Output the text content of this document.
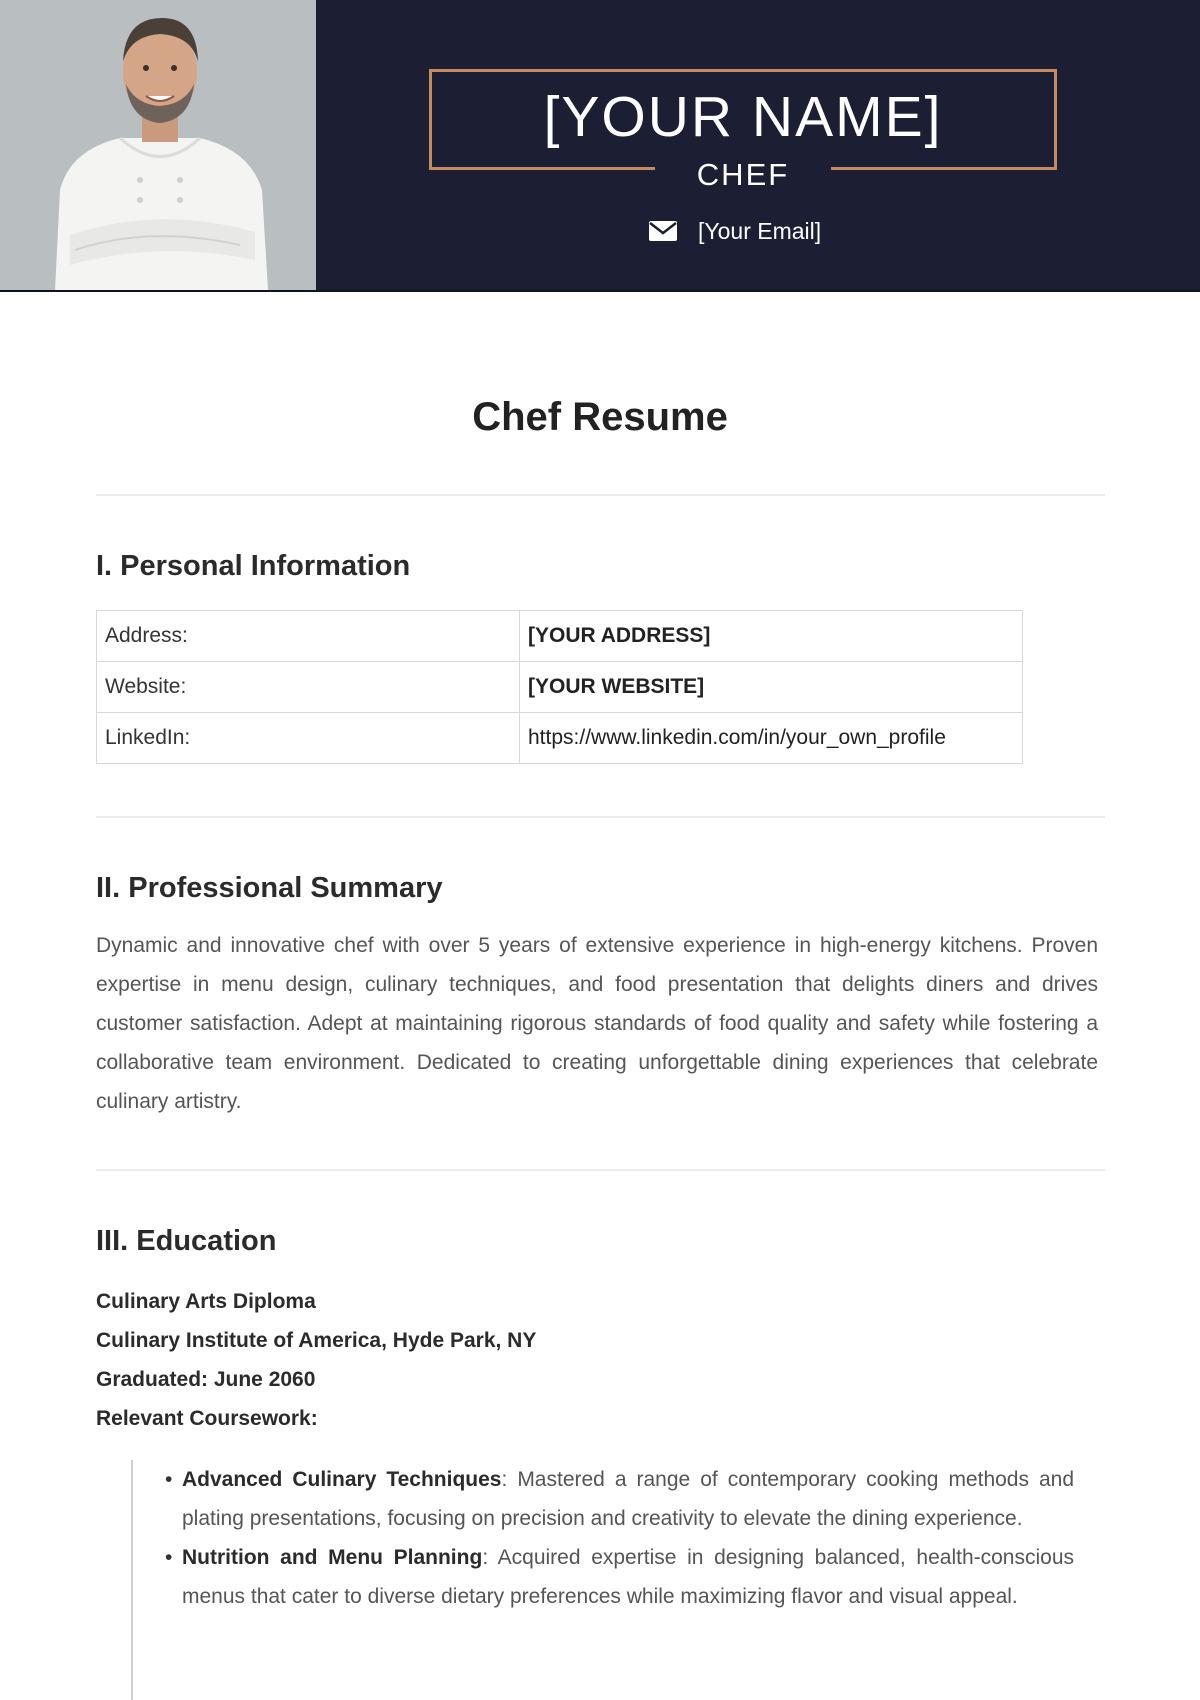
[YOUR NAME]
CHEF
[Your Email]
Chef Resume
I. Personal Information
Address:	[YOUR ADDRESS]
Website:	[YOUR WEBSITE]
LinkedIn:	https://www.linkedin.com/in/your_own_profile
II. Professional Summary
Dynamic and innovative chef with over 5 years of extensive experience in high-energy kitchens. Proven expertise in menu design, culinary techniques, and food presentation that delights diners and drives customer satisfaction. Adept at maintaining rigorous standards of food quality and safety while fostering a collaborative team environment. Dedicated to creating unforgettable dining experiences that celebrate culinary artistry.
III. Education
Culinary Arts Diploma
Culinary Institute of America, Hyde Park, NY
Graduated: June 2060
Relevant Coursework:
• Advanced Culinary Techniques: Mastered a range of contemporary cooking methods and plating presentations, focusing on precision and creativity to elevate the dining experience.
• Nutrition and Menu Planning: Acquired expertise in designing balanced, health-conscious menus that cater to diverse dietary preferences while maximizing flavor and visual appeal.
